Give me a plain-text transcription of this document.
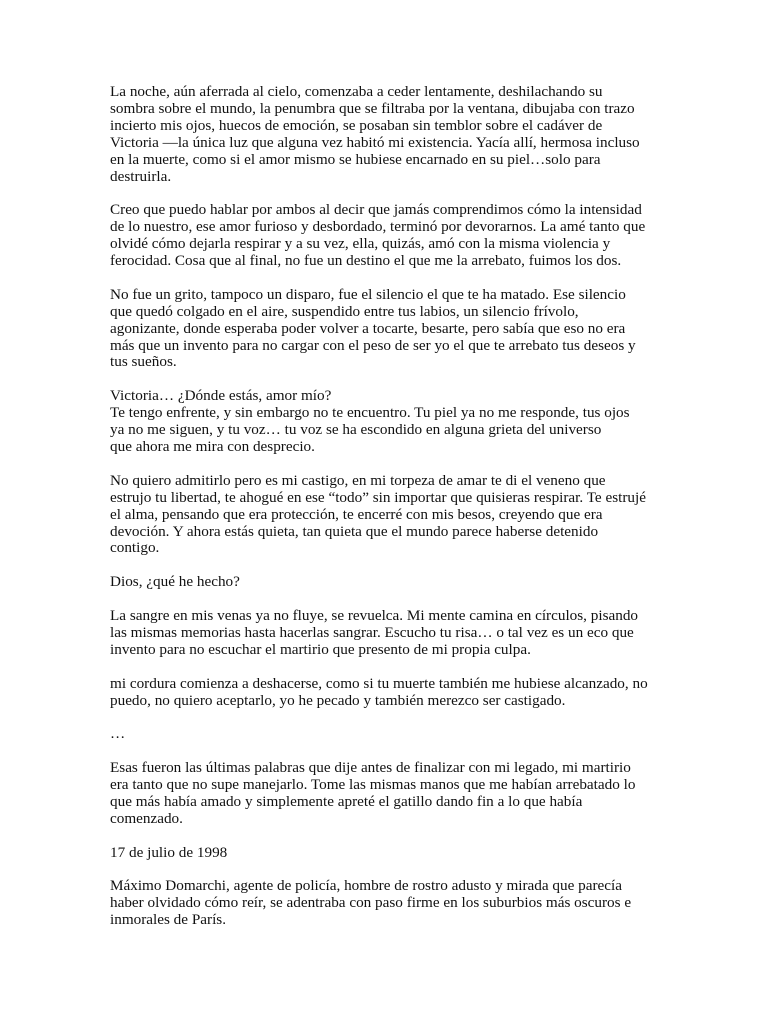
La noche, aún aferrada al cielo, comenzaba a ceder lentamente, deshilachando su
sombra sobre el mundo, la penumbra que se filtraba por la ventana, dibujaba con trazo
incierto mis ojos, huecos de emoción, se posaban sin temblor sobre el cadáver de
Victoria —la única luz que alguna vez habitó mi existencia. Yacía allí, hermosa incluso
en la muerte, como si el amor mismo se hubiese encarnado en su piel…solo para
destruirla.

Creo que puedo hablar por ambos al decir que jamás comprendimos cómo la intensidad
de lo nuestro, ese amor furioso y desbordado, terminó por devorarnos. La amé tanto que
olvidé cómo dejarla respirar y a su vez, ella, quizás, amó con la misma violencia y
ferocidad. Cosa que al final, no fue un destino el que me la arrebato, fuimos los dos.

No fue un grito, tampoco un disparo, fue el silencio el que te ha matado. Ese silencio
que quedó colgado en el aire, suspendido entre tus labios, un silencio frívolo,
agonizante, donde esperaba poder volver a tocarte, besarte, pero sabía que eso no era
más que un invento para no cargar con el peso de ser yo el que te arrebato tus deseos y
tus sueños.

Victoria… ¿Dónde estás, amor mío?
Te tengo enfrente, y sin embargo no te encuentro. Tu piel ya no me responde, tus ojos
ya no me siguen, y tu voz… tu voz se ha escondido en alguna grieta del universo
que ahora me mira con desprecio.

No quiero admitirlo pero es mi castigo, en mi torpeza de amar te di el veneno que
estrujo tu libertad, te ahogué en ese “todo” sin importar que quisieras respirar. Te estrujé
el alma, pensando que era protección, te encerré con mis besos, creyendo que era
devoción. Y ahora estás quieta, tan quieta que el mundo parece haberse detenido
contigo.

Dios, ¿qué he hecho?

La sangre en mis venas ya no fluye, se revuelca. Mi mente camina en círculos, pisando
las mismas memorias hasta hacerlas sangrar. Escucho tu risa… o tal vez es un eco que
invento para no escuchar el martirio que presento de mi propia culpa.

mi cordura comienza a deshacerse, como si tu muerte también me hubiese alcanzado, no
puedo, no quiero aceptarlo, yo he pecado y también merezco ser castigado.

…

Esas fueron las últimas palabras que dije antes de finalizar con mi legado, mi martirio
era tanto que no supe manejarlo. Tome las mismas manos que me habían arrebatado lo
que más había amado y simplemente apreté el gatillo dando fin a lo que había
comenzado.

17 de julio de 1998

Máximo Domarchi, agente de policía, hombre de rostro adusto y mirada que parecía
haber olvidado cómo reír, se adentraba con paso firme en los suburbios más oscuros e
inmorales de París.
